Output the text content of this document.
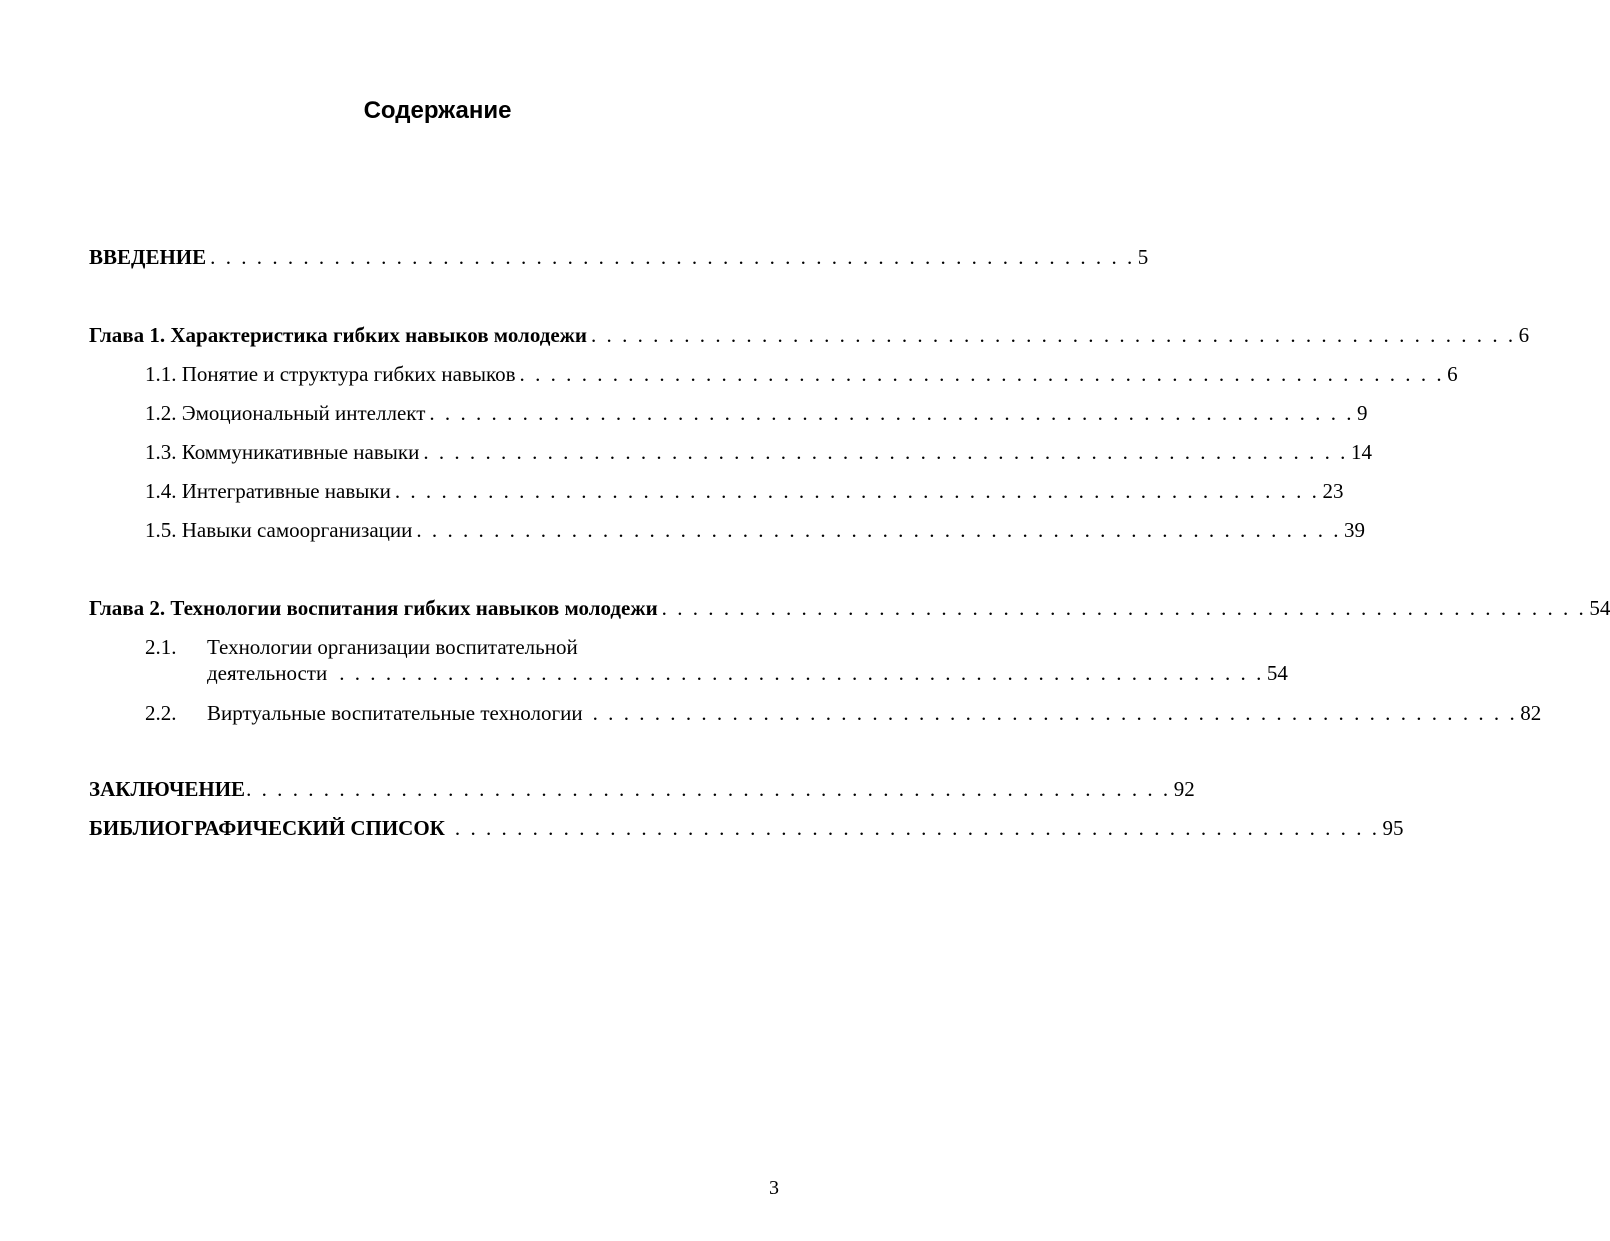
Содержание
ВВЕДЕНИЕ . . . . . . . . . . . . . . . . . . . . . . . . . . . . . . . . . . . . . . . . . . . . . . . . . . . . . . . . . . . . 5
Глава 1. Характеристика гибких навыков молодежи . . . . . . . . . . . . . . . . . . . . . . . . . . . . . . . . . . . . . . . . . . . . . . . . . . . . . . . . . . . . 6
1.1. Понятие и структура гибких навыков . . . . . . . . . . . . . . . . . . . . . . . . . . . . . . . . . . . . . . . . . . . . . . . . . . . . . . . . . . . . 6
1.2. Эмоциональный интеллект . . . . . . . . . . . . . . . . . . . . . . . . . . . . . . . . . . . . . . . . . . . . . . . . . . . . . . . . . . . . 9
1.3. Коммуникативные навыки . . . . . . . . . . . . . . . . . . . . . . . . . . . . . . . . . . . . . . . . . . . . . . . . . . . . . . . . . . . . 14
1.4. Интегративные навыки . . . . . . . . . . . . . . . . . . . . . . . . . . . . . . . . . . . . . . . . . . . . . . . . . . . . . . . . . . . . 23
1.5. Навыки самоорганизации . . . . . . . . . . . . . . . . . . . . . . . . . . . . . . . . . . . . . . . . . . . . . . . . . . . . . . . . . . . . 39
Глава 2. Технологии воспитания гибких навыков молодежи . . . . . . . . . . . . . . . . . . . . . . . . . . . . . . . . . . . . . . . . . . . . . . . . . . . . . . . . . . . . 54
2.1.	Технологии организации воспитательной
деятельности . . . . . . . . . . . . . . . . . . . . . . . . . . . . . . . . . . . . . . . . . . . . . . . . . . . . . . . . . . . . 54
2.2.	Виртуальные воспитательные технологии . . . . . . . . . . . . . . . . . . . . . . . . . . . . . . . . . . . . . . . . . . . . . . . . . . . . . . . . . . . . 82
ЗАКЛЮЧЕНИЕ . . . . . . . . . . . . . . . . . . . . . . . . . . . . . . . . . . . . . . . . . . . . . . . . . . . . . . . . . . . . 92
БИБЛИОГРАФИЧЕСКИЙ СПИСОК . . . . . . . . . . . . . . . . . . . . . . . . . . . . . . . . . . . . . . . . . . . . . . . . . . . . . . . . . . . . 95
3
